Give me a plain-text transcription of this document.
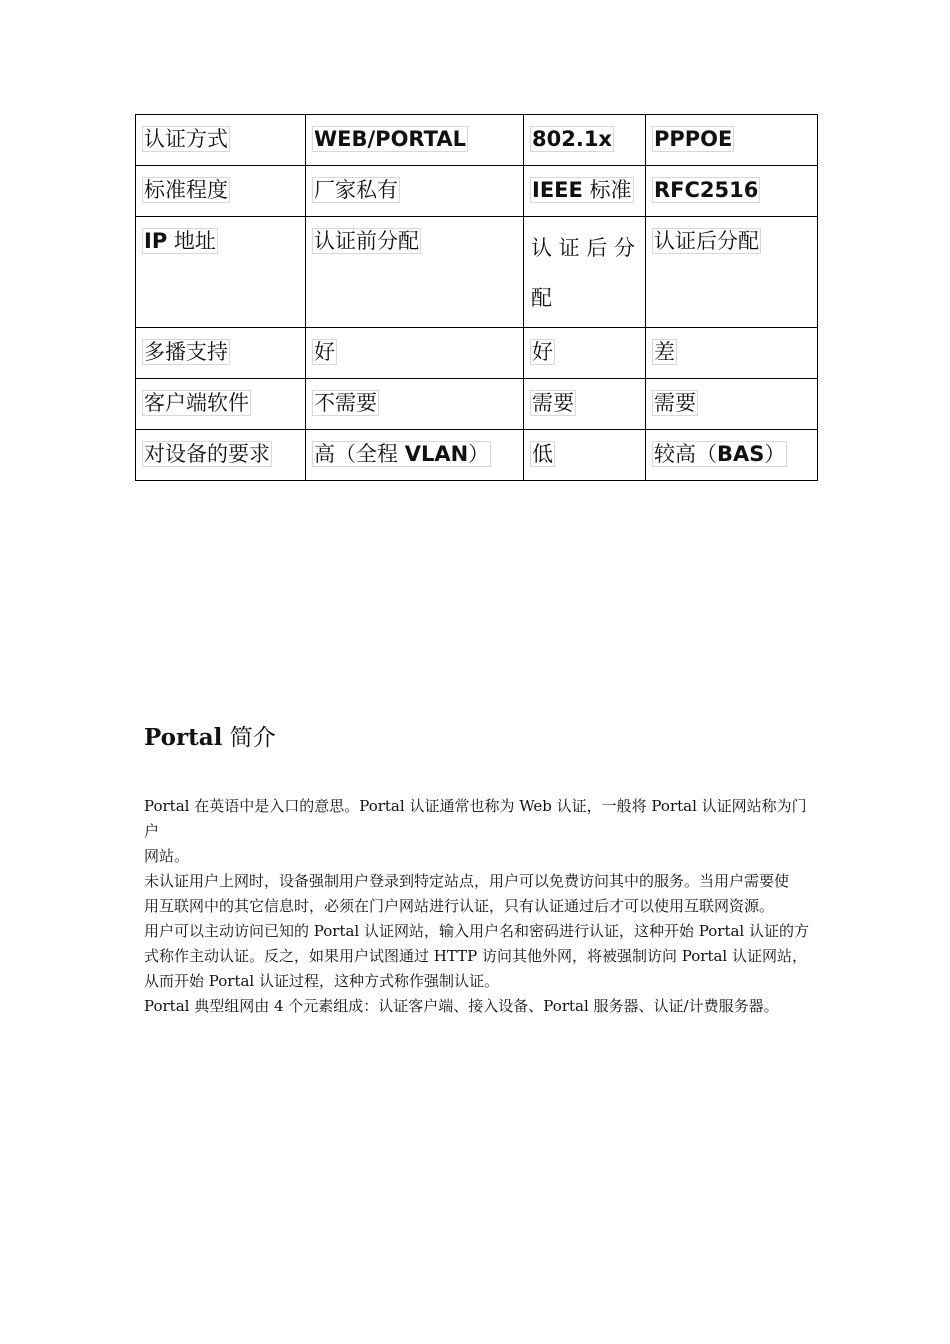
认证方式	WEB/PORTAL	802.1x	PPPOE
标准程度	厂家私有	IEEE 标准	RFC2516
IP 地址	认证前分配	认证后分配	认证后分配
多播支持	好	好	差
客户端软件	不需要	需要	需要
对设备的要求	高（全程 VLAN）	低	较高（BAS）
Portal 简介

Portal 在英语中是入口的意思。Portal 认证通常也称为 Web 认证，一般将 Portal 认证网站称为门户

网站。

未认证用户上网时，设备强制用户登录到特定站点，用户可以免费访问其中的服务。当用户需要使

用互联网中的其它信息时，必须在门户网站进行认证，只有认证通过后才可以使用互联网资源。

用户可以主动访问已知的 Portal 认证网站，输入用户名和密码进行认证，这种开始 Portal 认证的方

式称作主动认证。反之，如果用户试图通过 HTTP 访问其他外网，将被强制访问 Portal 认证网站，

从而开始 Portal 认证过程，这种方式称作强制认证。

Portal 典型组网由 4 个元素组成：认证客户端、接入设备、Portal 服务器、认证/计费服务器。
